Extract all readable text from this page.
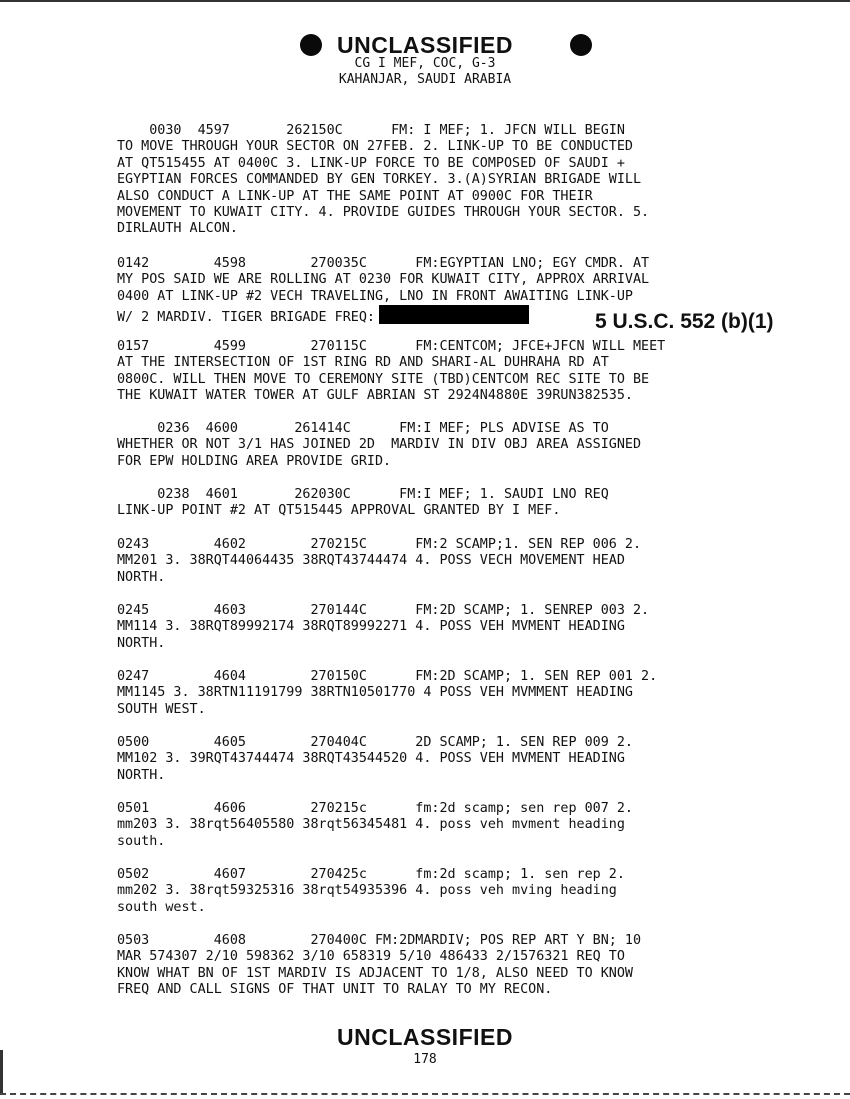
UNCLASSIFIED
CG I MEF, COC, G-3
KAHANJAR, SAUDI ARABIA
0030  4597       262150C      FM: I MEF; 1. JFCN WILL BEGIN
TO MOVE THROUGH YOUR SECTOR ON 27FEB. 2. LINK-UP TO BE CONDUCTED
AT QT515455 AT 0400C 3. LINK-UP FORCE TO BE COMPOSED OF SAUDI +
EGYPTIAN FORCES COMMANDED BY GEN TORKEY. 3.(A)SYRIAN BRIGADE WILL
ALSO CONDUCT A LINK-UP AT THE SAME POINT AT 0900C FOR THEIR
MOVEMENT TO KUWAIT CITY. 4. PROVIDE GUIDES THROUGH YOUR SECTOR. 5.
DIRLAUTH ALCON.
0142        4598        270035C      FM:EGYPTIAN LNO; EGY CMDR. AT
MY POS SAID WE ARE ROLLING AT 0230 FOR KUWAIT CITY, APPROX ARRIVAL
0400 AT LINK-UP #2 VECH TRAVELING, LNO IN FRONT AWAITING LINK-UP
W/ 2 MARDIV. TIGER BRIGADE FREQ:	5 U.S.C. 552 (b)(1)
0157        4599        270115C      FM:CENTCOM; JFCE+JFCN WILL MEET
AT THE INTERSECTION OF 1ST RING RD AND SHARI-AL DUHRAHA RD AT
0800C. WILL THEN MOVE TO CEREMONY SITE (TBD)CENTCOM REC SITE TO BE
THE KUWAIT WATER TOWER AT GULF ABRIAN ST 2924N4880E 39RUN382535.
0236  4600       261414C      FM:I MEF; PLS ADVISE AS TO
WHETHER OR NOT 3/1 HAS JOINED 2D  MARDIV IN DIV OBJ AREA ASSIGNED
FOR EPW HOLDING AREA PROVIDE GRID.
0238  4601       262030C      FM:I MEF; 1. SAUDI LNO REQ
LINK-UP POINT #2 AT QT515445 APPROVAL GRANTED BY I MEF.
0243        4602        270215C      FM:2 SCAMP;1. SEN REP 006 2.
MM201 3. 38RQT44064435 38RQT43744474 4. POSS VECH MOVEMENT HEAD
NORTH.
0245        4603        270144C      FM:2D SCAMP; 1. SENREP 003 2.
MM114 3. 38RQT89992174 38RQT89992271 4. POSS VEH MVMENT HEADING
NORTH.
0247        4604        270150C      FM:2D SCAMP; 1. SEN REP 001 2.
MM1145 3. 38RTN11191799 38RTN10501770 4 POSS VEH MVMMENT HEADING
SOUTH WEST.
0500        4605        270404C      2D SCAMP; 1. SEN REP 009 2.
MM102 3. 39RQT43744474 38RQT43544520 4. POSS VEH MVMENT HEADING
NORTH.
0501        4606        270215c      fm:2d scamp; sen rep 007 2.
mm203 3. 38rqt56405580 38rqt56345481 4. poss veh mvment heading
south.
0502        4607        270425c      fm:2d scamp; 1. sen rep 2.
mm202 3. 38rqt59325316 38rqt54935396 4. poss veh mving heading
south west.
0503        4608        270400C FM:2DMARDIV; POS REP ART Y BN; 10
MAR 574307 2/10 598362 3/10 658319 5/10 486433 2/1576321 REQ TO
KNOW WHAT BN OF 1ST MARDIV IS ADJACENT TO 1/8, ALSO NEED TO KNOW
FREQ AND CALL SIGNS OF THAT UNIT TO RALAY TO MY RECON.
UNCLASSIFIED
178
